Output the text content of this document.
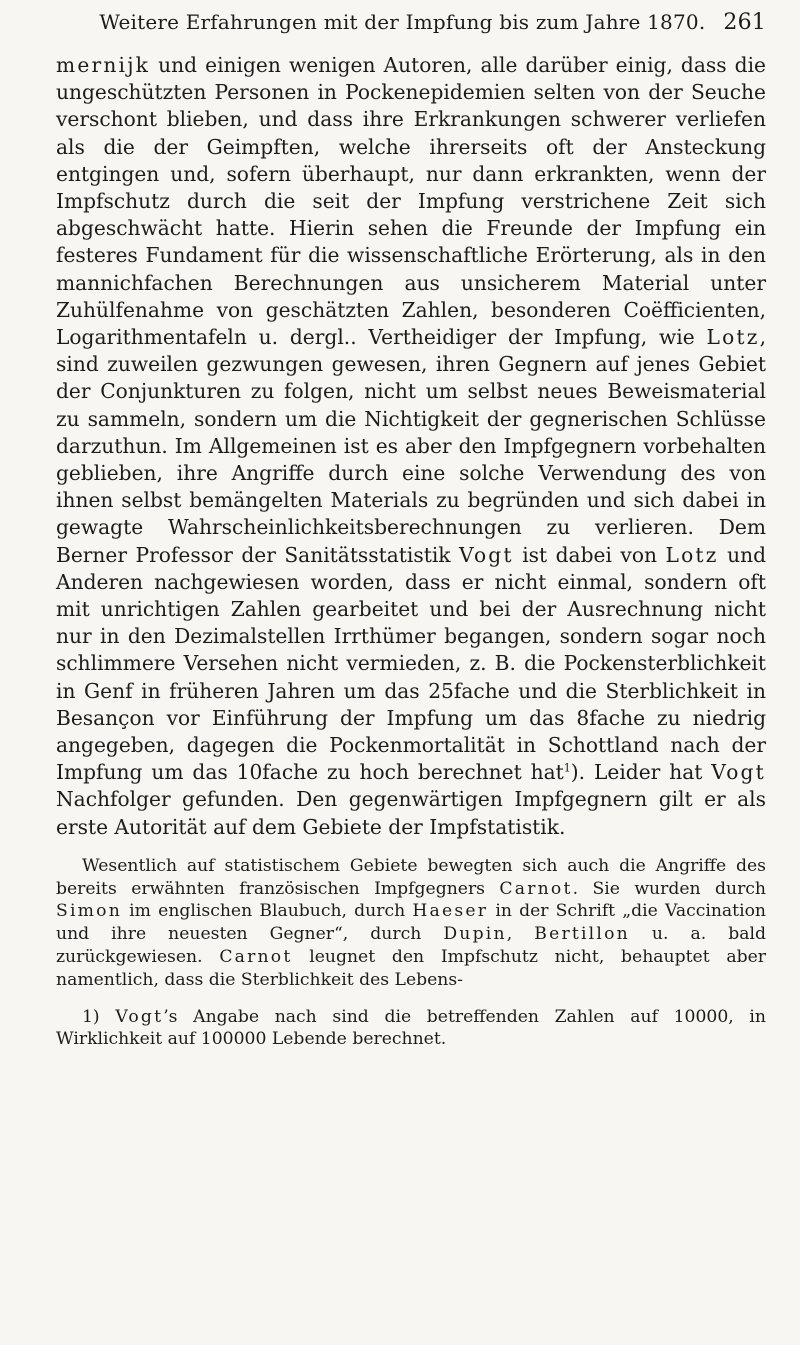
Weitere Erfahrungen mit der Impfung bis zum Jahre 1870. 261

mernijk und einigen wenigen Autoren, alle darüber einig, dass die ungeschützten Personen in Pockenepidemien selten von der Seuche verschont blieben, und dass ihre Erkrankungen schwerer verliefen als die der Geimpften, welche ihrerseits oft der Ansteckung entgingen und, sofern überhaupt, nur dann erkrankten, wenn der Impfschutz durch die seit der Impfung verstrichene Zeit sich abgeschwächt hatte. Hierin sehen die Freunde der Impfung ein festeres Fundament für die wissenschaftliche Erörterung, als in den mannichfachen Berechnungen aus unsicherem Material unter Zuhülfenahme von geschätzten Zahlen, besonderen Coëfficienten, Logarithmentafeln u. dergl.. Vertheidiger der Impfung, wie Lotz, sind zuweilen gezwungen gewesen, ihren Gegnern auf jenes Gebiet der Conjunkturen zu folgen, nicht um selbst neues Beweismaterial zu sammeln, sondern um die Nichtigkeit der gegnerischen Schlüsse darzuthun. Im Allgemeinen ist es aber den Impfgegnern vorbehalten geblieben, ihre Angriffe durch eine solche Verwendung des von ihnen selbst bemängelten Materials zu begründen und sich dabei in gewagte Wahrscheinlichkeitsberechnungen zu verlieren. Dem Berner Professor der Sanitätsstatistik Vogt ist dabei von Lotz und Anderen nachgewiesen worden, dass er nicht einmal, sondern oft mit unrichtigen Zahlen gearbeitet und bei der Ausrechnung nicht nur in den Dezimalstellen Irrthümer begangen, sondern sogar noch schlimmere Versehen nicht vermieden, z. B. die Pockensterblichkeit in Genf in früheren Jahren um das 25fache und die Sterblichkeit in Besançon vor Einführung der Impfung um das 8fache zu niedrig angegeben, dagegen die Pockenmortalität in Schottland nach der Impfung um das 10fache zu hoch berechnet hat$^1$). Leider hat Vogt Nachfolger gefunden. Den gegenwärtigen Impfgegnern gilt er als erste Autorität auf dem Gebiete der Impfstatistik.

Wesentlich auf statistischem Gebiete bewegten sich auch die Angriffe des bereits erwähnten französischen Impfgegners Carnot. Sie wurden durch Simon im englischen Blaubuch, durch Haeser in der Schrift „die Vaccination und ihre neuesten Gegner“, durch Dupin, Bertillon u. a. bald zurückgewiesen. Carnot leugnet den Impfschutz nicht, behauptet aber namentlich, dass die Sterblichkeit des Lebens-

1) Vogt’s Angabe nach sind die betreffenden Zahlen auf 10000, in Wirklichkeit auf 100000 Lebende berechnet.
